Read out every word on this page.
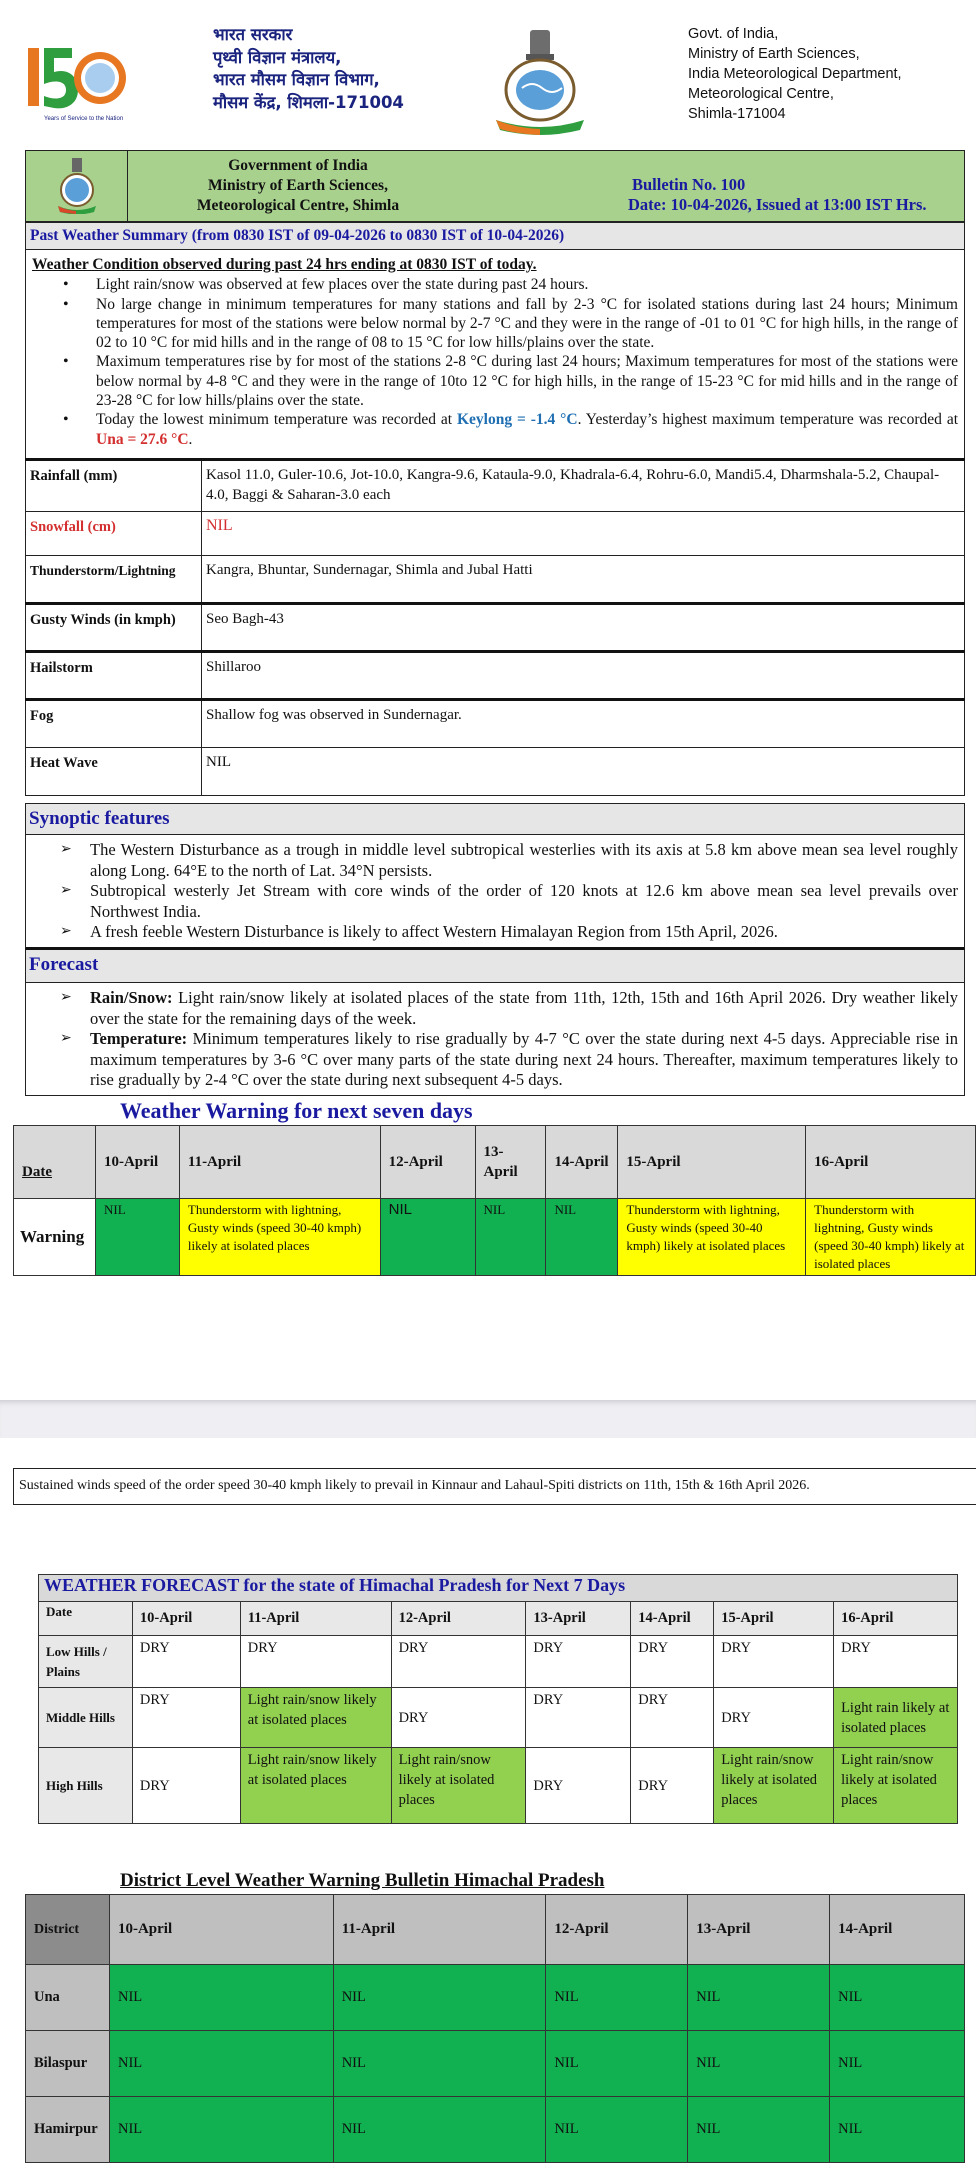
Years of Service to the Nation
भारत सरकार
पृथ्वी विज्ञान मंत्रालय,
भारत मौसम विज्ञान विभाग,
मौसम केंद्र, शिमला-171004
Govt. of India,
Ministry of Earth Sciences,
India Meteorological Department,
Meteorological Centre,
Shimla-171004
Government of India
Ministry of Earth Sciences,
Meteorological Centre, Shimla
Bulletin No. 100
Date: 10-04-2026, Issued at 13:00 IST Hrs.
Past Weather Summary (from 0830 IST of 09-04-2026 to 0830 IST of 10-04-2026)
Weather Condition observed during past 24 hrs ending at 0830 IST of today.
• Light rain/snow was observed at few places over the state during past 24 hours.
• No large change in minimum temperatures for many stations and fall by 2-3 °C for isolated stations during last 24 hours; Minimum temperatures for most of the stations were below normal by 2-7 °C and they were in the range of -01 to 01 °C for high hills, in the range of 02 to 10 °C for mid hills and in the range of 08 to 15 °C for low hills/plains over the state.
• Maximum temperatures rise by for most of the stations 2-8 °C during last 24 hours; Maximum temperatures for most of the stations were below normal by 4-8 °C and they were in the range of 10to 12 °C for high hills, in the range of 15-23 °C for mid hills and in the range of 23-28 °C for low hills/plains over the state.
• Today the lowest minimum temperature was recorded at Keylong = -1.4 °C. Yesterday’s highest maximum temperature was recorded at Una = 27.6 °C.
Rainfall (mm)	Kasol 11.0, Guler-10.6, Jot-10.0, Kangra-9.6, Kataula-9.0, Khadrala-6.4, Rohru-6.0, Mandi5.4, Dharmshala-5.2, Chaupal-4.0, Baggi & Saharan-3.0 each
Snowfall (cm)	NIL
Thunderstorm/Lightning	Kangra, Bhuntar, Sundernagar, Shimla and Jubal Hatti
Gusty Winds (in kmph)	Seo Bagh-43
Hailstorm	Shillaroo
Fog	Shallow fog was observed in Sundernagar.
Heat Wave	NIL
Synoptic features
➢ The Western Disturbance as a trough in middle level subtropical westerlies with its axis at 5.8 km above mean sea level roughly along Long. 64°E to the north of Lat. 34°N persists.
➢ Subtropical westerly Jet Stream with core winds of the order of 120 knots at 12.6 km above mean sea level prevails over Northwest India.
➢ A fresh feeble Western Disturbance is likely to affect Western Himalayan Region from 15th April, 2026.
Forecast
➢ Rain/Snow: Light rain/snow likely at isolated places of the state from 11th, 12th, 15th and 16th April 2026. Dry weather likely over the state for the remaining days of the week.
➢ Temperature: Minimum temperatures likely to rise gradually by 4-7 °C over the state during next 4-5 days. Appreciable rise in maximum temperatures by 3-6 °C over many parts of the state during next 24 hours. Thereafter, maximum temperatures likely to rise gradually by 2-4 °C over the state during next subsequent 4-5 days.
Weather Warning for next seven days
Date	10-April	11-April	12-April	13-April	14-April	15-April	16-April
Warning	NIL	Thunderstorm with lightning, Gusty winds (speed 30-40 kmph) likely at isolated places	NIL	NIL	NIL	Thunderstorm with lightning, Gusty winds (speed 30-40 kmph) likely at isolated places	Thunderstorm with lightning, Gusty winds (speed 30-40 kmph) likely at isolated places
Sustained winds speed of the order speed 30-40 kmph likely to prevail in Kinnaur and Lahaul-Spiti districts on 11th, 15th & 16th April 2026.
WEATHER FORECAST for the state of Himachal Pradesh for Next 7 Days							
Date	10-April	11-April	12-April	13-April	14-April	15-April	16-April
Low Hills / Plains	DRY	DRY	DRY	DRY	DRY	DRY	DRY
Middle Hills	DRY	Light rain/snow likely at isolated places	DRY	DRY	DRY	DRY	Light rain likely at isolated places
High Hills	DRY	Light rain/snow likely at isolated places	Light rain/snow likely at isolated places	DRY	DRY	Light rain/snow likely at isolated places	Light rain/snow likely at isolated places
District Level Weather Warning Bulletin Himachal Pradesh
District	10-April	11-April	12-April	13-April	14-April
Una	NIL	NIL	NIL	NIL	NIL
Bilaspur	NIL	NIL	NIL	NIL	NIL
Hamirpur	NIL	NIL	NIL	NIL	NIL
